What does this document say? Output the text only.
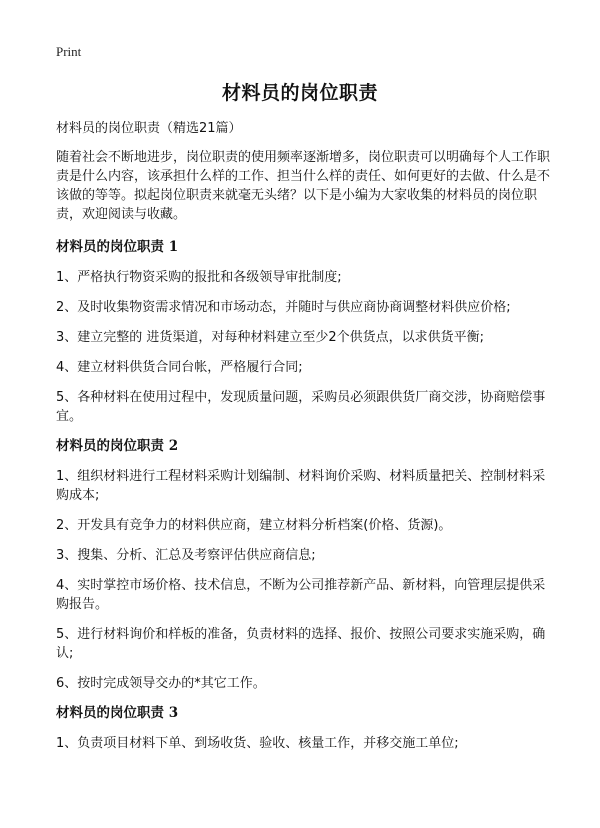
Print
材料员的岗位职责

材料员的岗位职责（精选21篇）

随着社会不断地进步，岗位职责的使用频率逐渐增多，岗位职责可以明确每个人工作职责是什么内容，该承担什么样的工作、担当什么样的责任、如何更好的去做、什么是不该做的等等。拟起岗位职责来就毫无头绪？以下是小编为大家收集的材料员的岗位职责，欢迎阅读与收藏。

材料员的岗位职责 1

1、严格执行物资采购的报批和各级领导审批制度;

2、及时收集物资需求情况和市场动态，并随时与供应商协商调整材料供应价格;

3、建立完整的 进货渠道，对每种材料建立至少2个供货点，以求供货平衡;

4、建立材料供货合同台帐，严格履行合同;

5、各种材料在使用过程中，发现质量问题，采购员必须跟供货厂商交涉，协商赔偿事宜。

材料员的岗位职责 2

1、组织材料进行工程材料采购计划编制、材料询价采购、材料质量把关、控制材料采购成本;

2、开发具有竞争力的材料供应商，建立材料分析档案(价格、货源)。

3、搜集、分析、汇总及考察评估供应商信息;

4、实时掌控市场价格、技术信息，不断为公司推荐新产品、新材料，向管理层提供采购报告。

5、进行材料询价和样板的准备，负责材料的选择、报价、按照公司要求实施采购，确认;

6、按时完成领导交办的*其它工作。

材料员的岗位职责 3

1、负责项目材料下单、到场收货、验收、核量工作，并移交施工单位;
